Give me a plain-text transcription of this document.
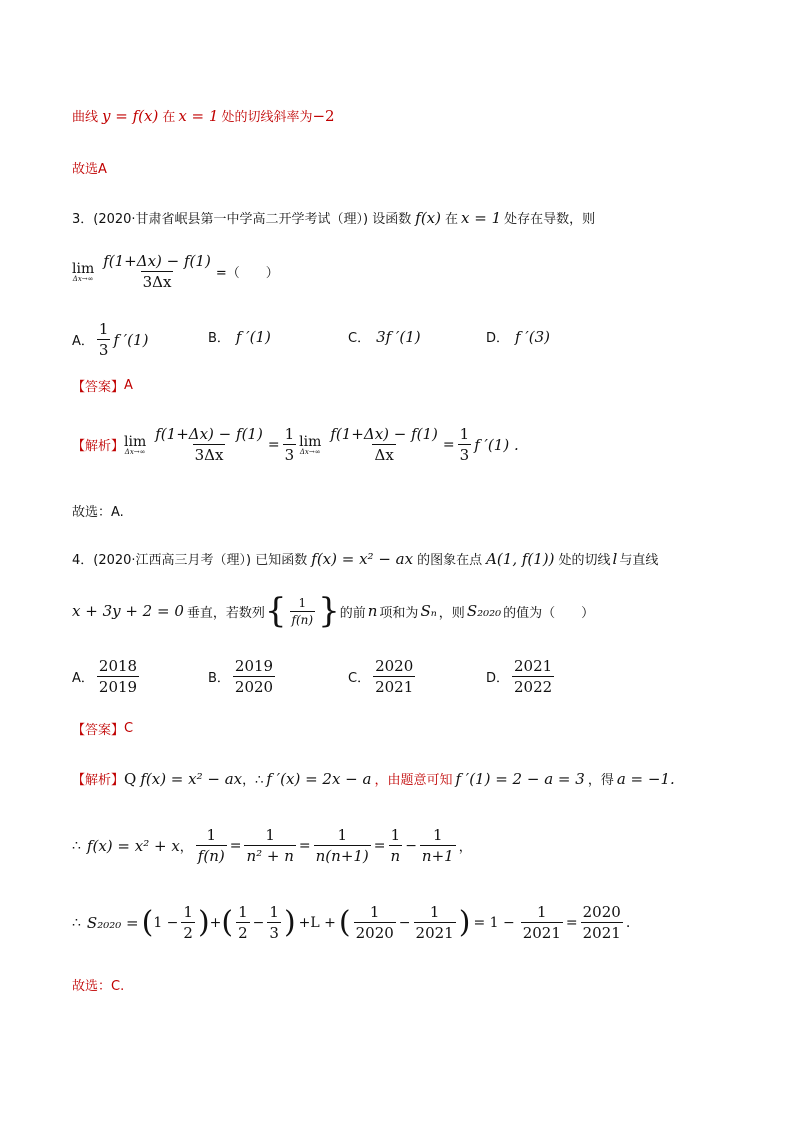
曲线 y = f(x) 在 x = 1 处的切线斜率为 −2
故选A
3．(2020·甘肃省岷县第一中学高二开学考试（理）) 设函数 f(x) 在 x = 1 处存在导数，则
lim
$\Delta x\to\infty \frac{f(1+\Delta x) - f(1)}{3\Delta x}$ =（　　）
A． $\frac{1}{3}$ f ′(1)	B． f ′(1)	C． 3f ′(1)	D． f ′(3)
【答案】 A
【解析】 lim
$\Delta x\to\infty \frac{f(1+\Delta x) - f(1)}{3\Delta x} = \frac{1}{3}$ lim
$\Delta x\to\infty \frac{f(1+\Delta x) - f(1)}{\Delta x} = \frac{1}{3}$ f ′(1) .
故选：A.
4．(2020·江西高三月考（理）) 已知函数 f(x) = x² − ax 的图象在点 A(1, f(1)) 处的切线 l 与直线
x + 3y + 2 = 0 垂直，若数列 { $\frac{1}{f(n)}$ } 的前 n 项和为 Sₙ ，则 S₂₀₂₀ 的值为（　　）
A． $\frac{2018}{2019}$	B． $\frac{2019}{2020}$	C． $\frac{2020}{2021}$	D． $\frac{2021}{2022}$
【答案】 C
【解析】 Q f(x) = x² − ax ，∴ f ′(x) = 2x − a ，由题意可知 f ′(1) = 2 − a = 3 ，得 a = −1.
∴ f(x) = x² + x ， $\frac{1}{f(n)} = \frac{1}{\text{n² + n}} = \frac{1}{n(n+1)} = \frac{1}{n} - \frac{1}{n+1}$ ，
∴ S₂₀₂₀ = ( $1 - \frac{1}{2}$ ) + ( $\frac{1}{2} - \frac{1}{3}$ ) +L + ( $\frac{1}{2020} - \frac{1}{2021}$ ) = $1 - \frac{1}{2021} = \frac{2020}{2021}$ .
故选：C.
